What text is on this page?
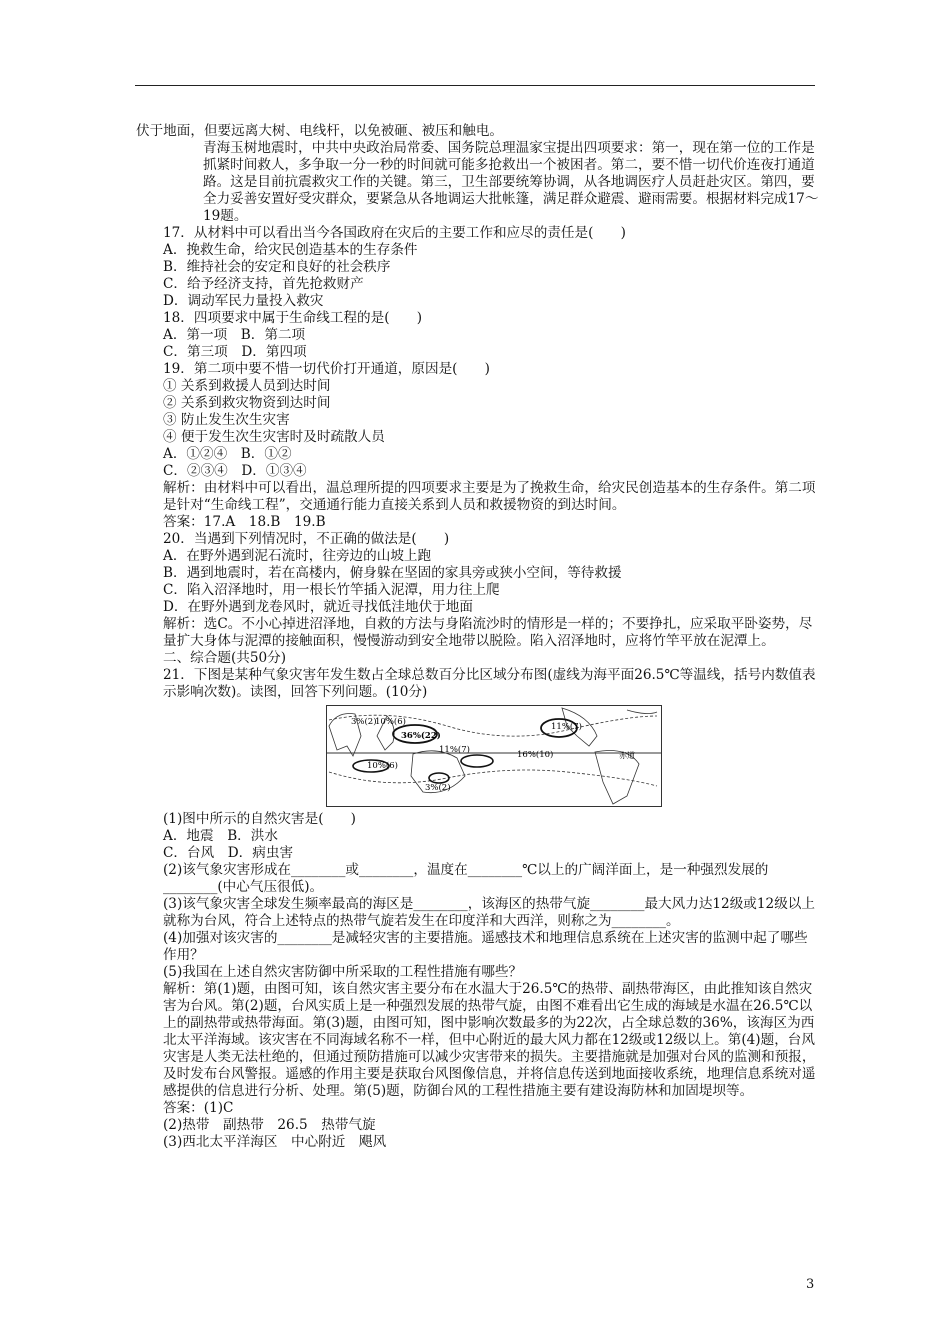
伏于地面，但要远离大树、电线杆，以免被砸、被压和触电。

青海玉树地震时，中共中央政治局常委、国务院总理温家宝提出四项要求：第一，现在第一位的工作是抓紧时间救人，多争取一分一秒的时间就可能多抢救出一个被困者。第二，要不惜一切代价连夜打通道路。这是目前抗震救灾工作的关键。第三，卫生部要统筹协调，从各地调医疗人员赶赴灾区。第四，要全力妥善安置好受灾群众，要紧急从各地调运大批帐篷，满足群众避震、避雨需要。根据材料完成17～19题。

17．从材料中可以看出当今各国政府在灾后的主要工作和应尽的责任是(　　)

A．挽救生命，给灾民创造基本的生存条件

B．维持社会的安定和良好的社会秩序

C．给予经济支持，首先抢救财产

D．调动军民力量投入救灾

18．四项要求中属于生命线工程的是(　　)

A．第一项　B．第二项

C．第三项　D．第四项

19．第二项中要不惜一切代价打开通道，原因是(　　)

① 关系到救援人员到达时间

② 关系到救灾物资到达时间

③ 防止发生次生灾害

④ 便于发生次生灾害时及时疏散人员

A．①②④　B．①②

C．②③④　D．①③④

解析：由材料中可以看出，温总理所提的四项要求主要是为了挽救生命，给灾民创造基本的生存条件。第二项是针对“生命线工程”，交通通行能力直接关系到人员和救援物资的到达时间。

答案：17.A　18.B　19.B

20．当遇到下列情况时，不正确的做法是(　　)

A．在野外遇到泥石流时，往旁边的山坡上跑

B．遇到地震时，若在高楼内，俯身躲在坚固的家具旁或狭小空间，等待救援

C．陷入沼泽地时，用一根长竹竿插入泥潭，用力往上爬

D．在野外遇到龙卷风时，就近寻找低洼地伏于地面

解析：选C。不小心掉进沼泽地，自救的方法与身陷流沙时的情形是一样的；不要挣扎，应采取平卧姿势，尽量扩大身体与泥潭的接触面积，慢慢游动到安全地带以脱险。陷入沼泽地时，应将竹竿平放在泥潭上。

二、综合题(共50分)

21．下图是某种气象灾害年发生数占全球总数百分比区域分布图(虚线为海平面26.5℃等温线，括号内数值表示影响次数)。读图，回答下列问题。(10分)

3%(2)
10%(6)
36%(22)
11%(7)
11%(7)	16%(10)
10%(6)
3%(2)
赤道

(1)图中所示的自然灾害是(　　)

A．地震　B．洪水

C．台风　D．病虫害

(2)该气象灾害形成在________或________，温度在________℃以上的广阔洋面上，是一种强烈发展的________(中心气压很低)。

(3)该气象灾害全球发生频率最高的海区是________，该海区的热带气旋________最大风力达12级或12级以上就称为台风，符合上述特点的热带气旋若发生在印度洋和大西洋，则称之为________。

(4)加强对该灾害的________是减轻灾害的主要措施。遥感技术和地理信息系统在上述灾害的监测中起了哪些作用？

(5)我国在上述自然灾害防御中所采取的工程性措施有哪些？

解析：第(1)题，由图可知，该自然灾害主要分布在水温大于26.5℃的热带、副热带海区，由此推知该自然灾害为台风。第(2)题，台风实质上是一种强烈发展的热带气旋，由图不难看出它生成的海域是水温在26.5℃以上的副热带或热带海面。第(3)题，由图可知，图中影响次数最多的为22次，占全球总数的36%，该海区为西北太平洋海域。该灾害在不同海域名称不一样，但中心附近的最大风力都在12级或12级以上。第(4)题，台风灾害是人类无法杜绝的，但通过预防措施可以减少灾害带来的损失。主要措施就是加强对台风的监测和预报，及时发布台风警报。遥感的作用主要是获取台风图像信息，并将信息传送到地面接收系统，地理信息系统对遥感提供的信息进行分析、处理。第(5)题，防御台风的工程性措施主要有建设海防林和加固堤坝等。

答案：(1)C

(2)热带　副热带　26.5　热带气旋

(3)西北太平洋海区　中心附近　飓风

3
